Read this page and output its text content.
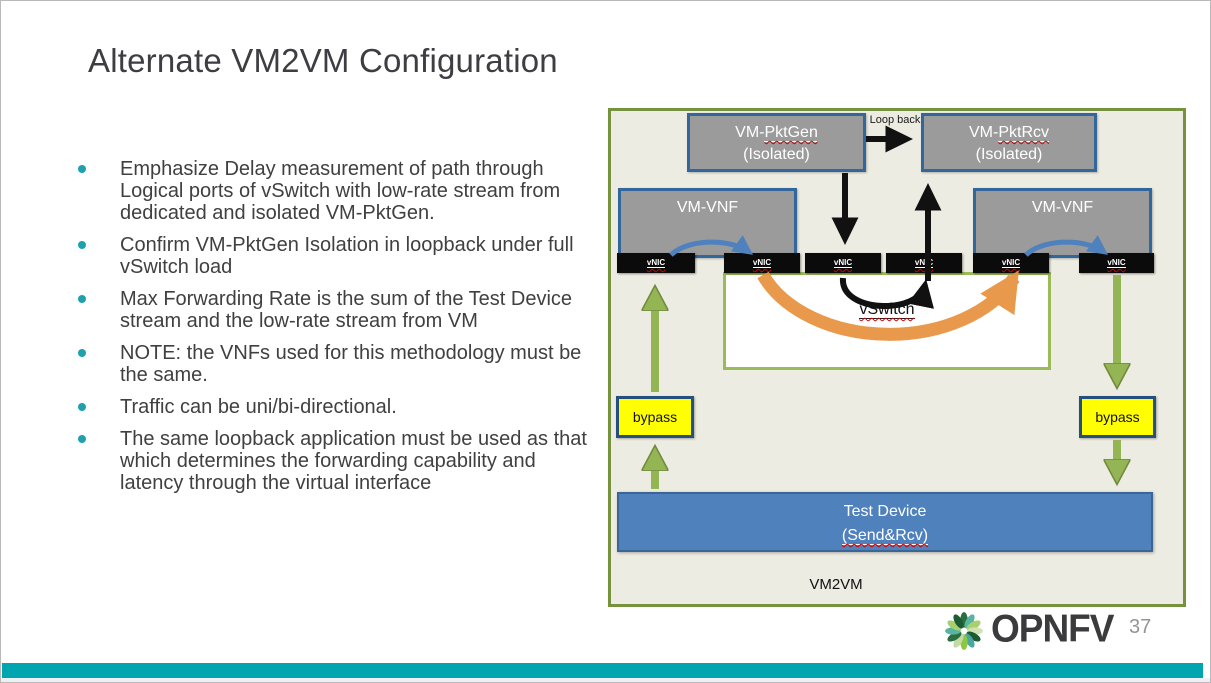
Alternate VM2VM Configuration
Emphasize Delay measurement of path through Logical ports of vSwitch with low-rate stream from dedicated and isolated VM-PktGen.
Confirm VM-PktGen Isolation in loopback under full vSwitch load
Max Forwarding Rate is the sum of the Test Device stream and the low-rate stream from VM
NOTE: the VNFs used for this methodology must be the same.
Traffic can be uni/bi-directional.
The same loopback application must be used as that which determines the forwarding capability and latency through the virtual interface
VM-PktGen
(Isolated)
Loop back
VM-PktRcv
(Isolated)
VM-VNF	VM-VNF
vSwitch
vNIC	vNIC	vNIC	vNIC	vNIC	vNIC
bypass	bypass
Test Device
(Send&Rcv)
VM2VM
OPNFV 37
